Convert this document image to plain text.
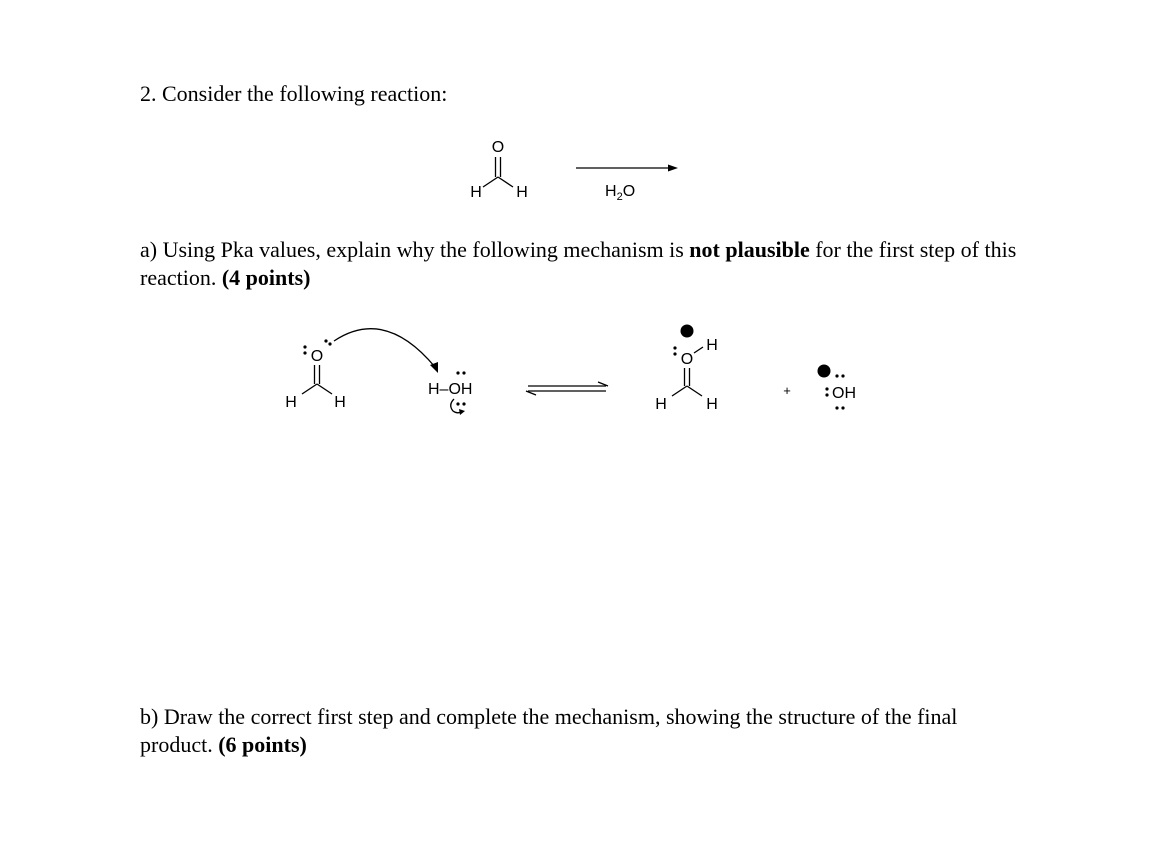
2. Consider the following reaction:
O
H H	$H_2O$

a) Using Pka values, explain why the following mechanism is not plausible for the first step of this reaction. (4 points)

O
H H
H–OH
O
H
H H
+	OH

b) Draw the correct first step and complete the mechanism, showing the structure of the final product. (6 points)
